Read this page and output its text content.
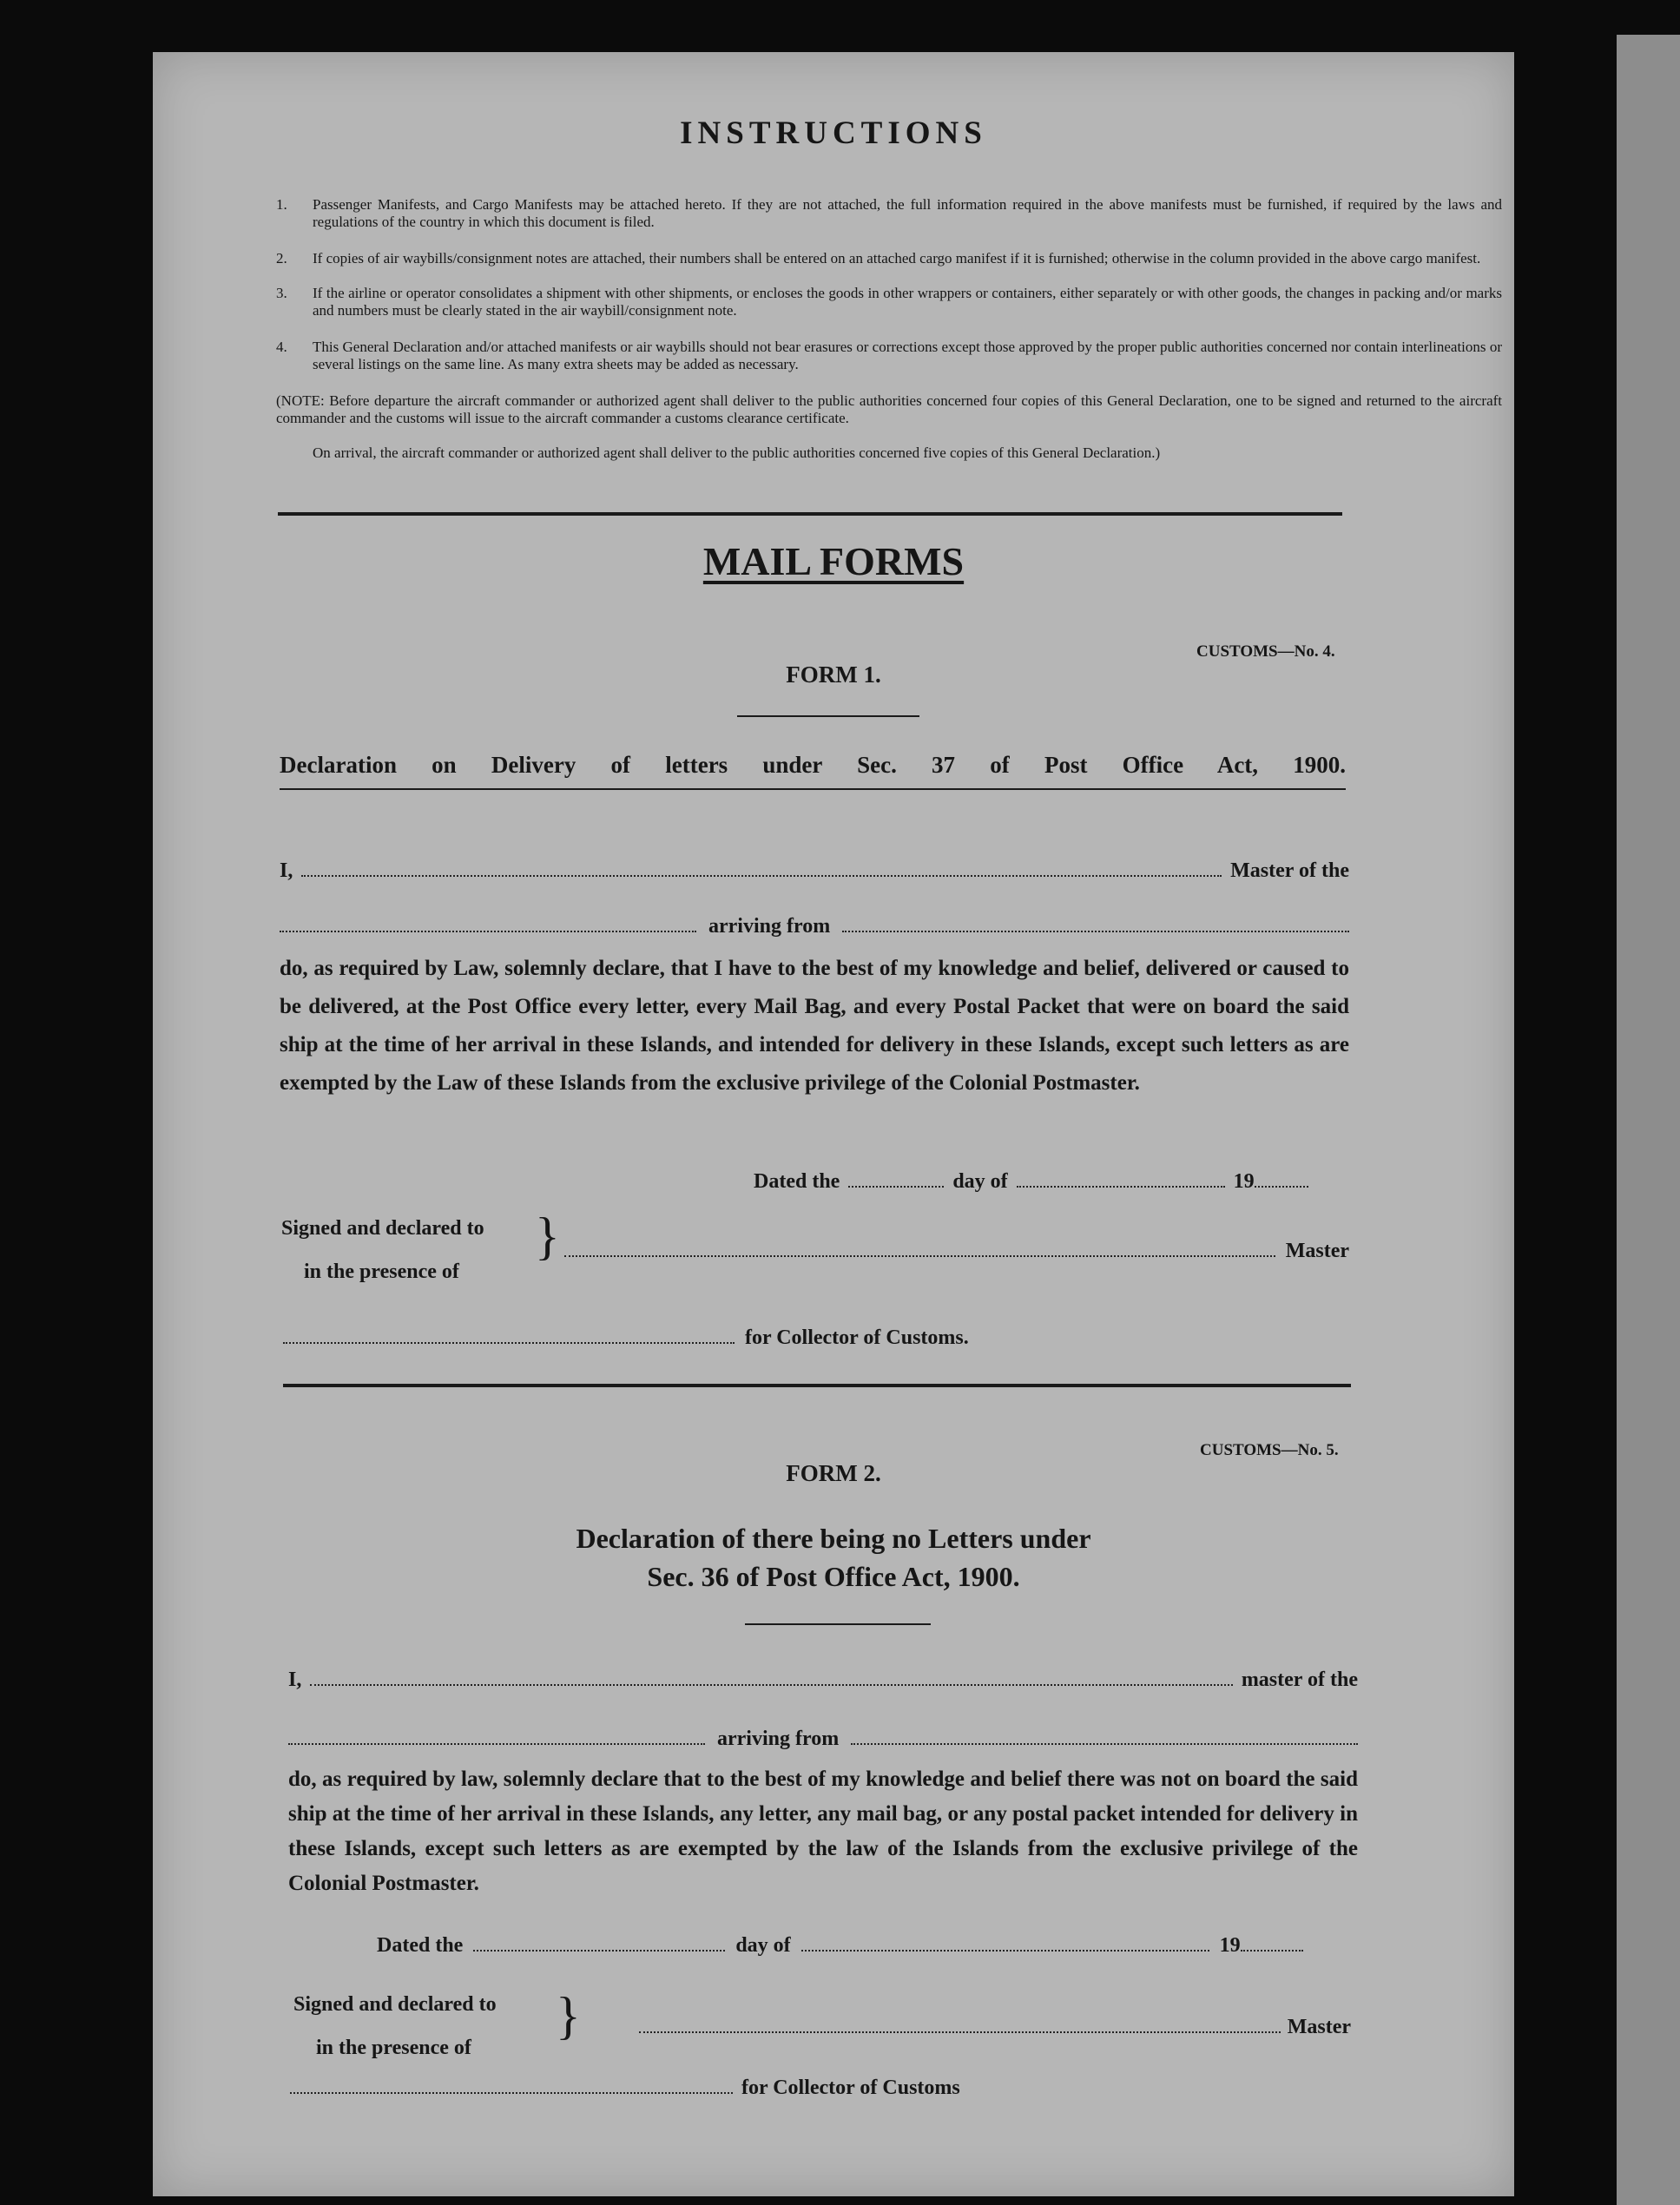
INSTRUCTIONS
1. Passenger Manifests, and Cargo Manifests may be attached hereto. If they are not attached, the full information required in the above manifests must be furnished, if required by the laws and regulations of the country in which this document is filed.
2. If copies of air waybills/consignment notes are attached, their numbers shall be entered on an attached cargo manifest if it is furnished; otherwise in the column provided in the above cargo manifest.
3. If the airline or operator consolidates a shipment with other shipments, or encloses the goods in other wrappers or containers, either separately or with other goods, the changes in packing and/or marks and numbers must be clearly stated in the air waybill/consignment note.
4. This General Declaration and/or attached manifests or air waybills should not bear erasures or corrections except those approved by the proper public authorities concerned nor contain interlineations or several listings on the same line. As many extra sheets may be added as necessary.
(NOTE: Before departure the aircraft commander or authorized agent shall deliver to the public authorities concerned four copies of this General Declaration, one to be signed and returned to the aircraft commander and the customs will issue to the aircraft commander a customs clearance certificate.
On arrival, the aircraft commander or authorized agent shall deliver to the public authorities concerned five copies of this General Declaration.)
MAIL FORMS
CUSTOMS—No. 4.
FORM 1.
Declaration on Delivery of letters under Sec. 37 of Post Office Act, 1900.
I,	Master of the
arriving from
do, as required by Law, solemnly declare, that I have to the best of my knowledge and belief, delivered or caused to be delivered, at the Post Office every letter, every Mail Bag, and every Postal Packet that were on board the said ship at the time of her arrival in these Islands, and intended for delivery in these Islands, except such letters as are exempted by the Law of these Islands from the exclusive privilege of the Colonial Postmaster.
Dated the	day of	19
Signed and declared to
in the presence of
}	Master
for Collector of Customs.
CUSTOMS—No. 5.
FORM 2.
Declaration of there being no Letters under
Sec. 36 of Post Office Act, 1900.
I,	master of the
arriving from
do, as required by law, solemnly declare that to the best of my knowledge and belief there was not on board the said ship at the time of her arrival in these Islands, any letter, any mail bag, or any postal packet intended for delivery in these Islands, except such letters as are exempted by the law of the Islands from the exclusive privilege of the Colonial Postmaster.
Dated the	day of	19
Signed and declared to
in the presence of
}	Master
for Collector of Customs
